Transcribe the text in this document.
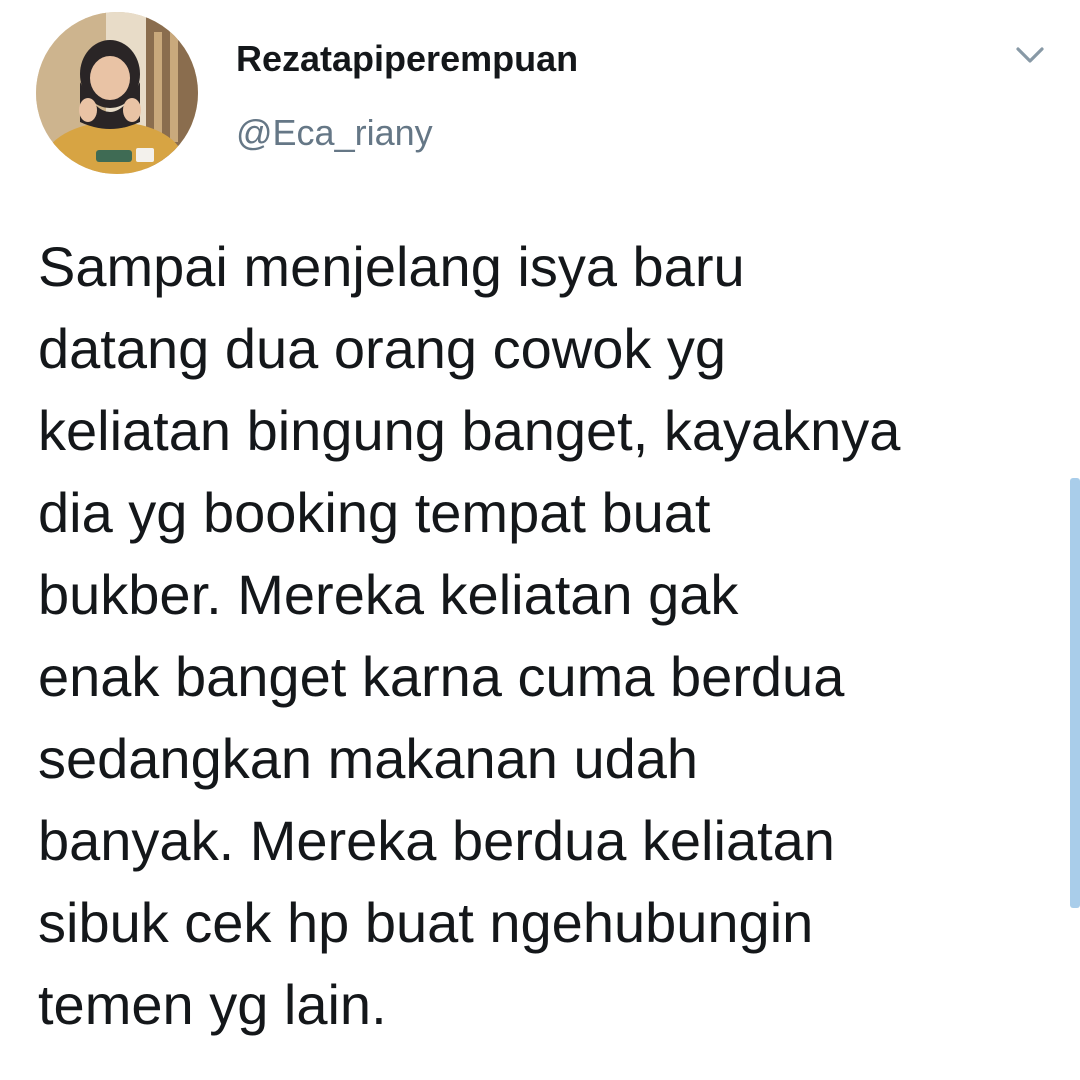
Rezatapiperempuan
@Eca_riany

Sampai menjelang isya baru
datang dua orang cowok yg
keliatan bingung banget, kayaknya
dia yg booking tempat buat
bukber. Mereka keliatan gak
enak banget karna cuma berdua
sedangkan makanan udah
banyak. Mereka berdua keliatan
sibuk cek hp buat ngehubungin
temen yg lain.
